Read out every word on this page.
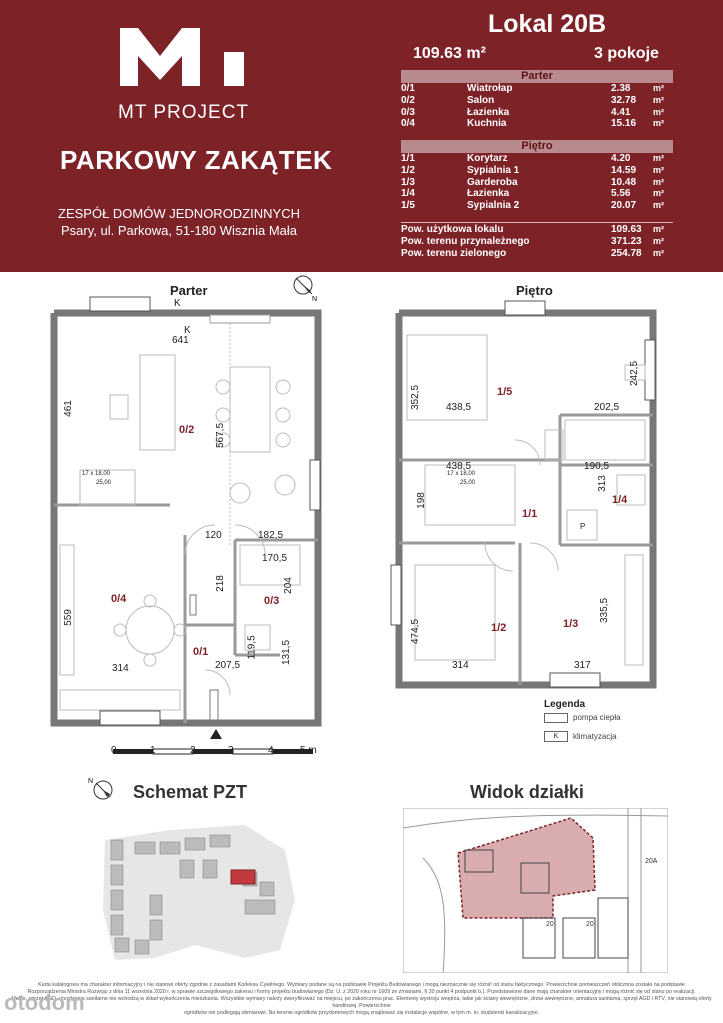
MT PROJECT
PARKOWY ZAKĄTEK
ZESPÓŁ DOMÓW JEDNORODZINNYCH
Psary, ul. Parkowa, 51-180 Wisznia Mała
Lokal 20B
109.63 m²	3 pokoje
Parter
0/1	Wiatrołap	2.38	m²
0/2	Salon	32.78 m²
0/3	Łazienka	4.41	m²
0/4	Kuchnia	15.16 m²
Piętro
1/1	Korytarz	4.20	m²
1/2	Sypialnia 1	14.59 m²
1/3	Garderoba	10.48 m²
1/4	Łazienka	5.56	m²
1/5	Sypialnia 2	20.07 m²
Pow. użytkowa lokalu	109.63 m²
Pow. terenu przynależnego	371.23 m²
Pow. terenu zielonego	254.78 m²
Parter
N
K
K
641
461
567,5
120	182,5
170,5
218	204
559
119,5 131,5
207,5
314
17 x 18,00
25,00
0/2
0/4	0/3
0/1
Piętro
352,5
242,5
438,5	202,5
438,5	190,5
198
313
17 x 18,00
25,00
474,5
335,5
314	317
P
1/5
1/1
1/4
1/2	1/3
Legenda
pompa ciepła
K	klimatyzacja
0	1	2	3	4	5 m
N
Schemat PZT	Widok działki
20
20A
20
Karta katalogowa ma charakter informacyjny i nie stanowi oferty zgodnie z zasadami Kodeksu Cywilnego. Wymiary podane są na podstawie Projektu Budowlanego i mogą nieznacznie się różnić od stanu faktycznego. Powierzchnie pomieszczeń obliczona została na podstawie
Rozporządzenia Ministra Rozwoju z dnia 11 września 2020 r. w sprawie szczegółowego zakresu i formy projektu budowlanego (Dz. U. z 2020 roku nr 1609 ze zmianami, § 20 punkt 4 podpunkt b.). Przedstawione dane mają charakter orientacyjny i mogą różnić się od stanu po realizacji.
Meble, sprzęt AGD, urządzenia sanitarne nie wchodzą w skład wykończenia mieszkania. Wszystkie wymiary należy zweryfikować na miejscu, po zakończeniu prac. Elementy wystroju wnętrza, takie jak ściany wewnętrzne, drzwi wewnętrzne, armatura sanitarna, sprzęt AGD i RTV, nie stanowią oferty handlowej. Powierzchnie
ogródków nie podlegają obmiarowi. Na terenie ogródków przydomowych mogą znajdować się instalacje wspólne, w tym m. in. studzienki kanalizacyjne.
otodom
